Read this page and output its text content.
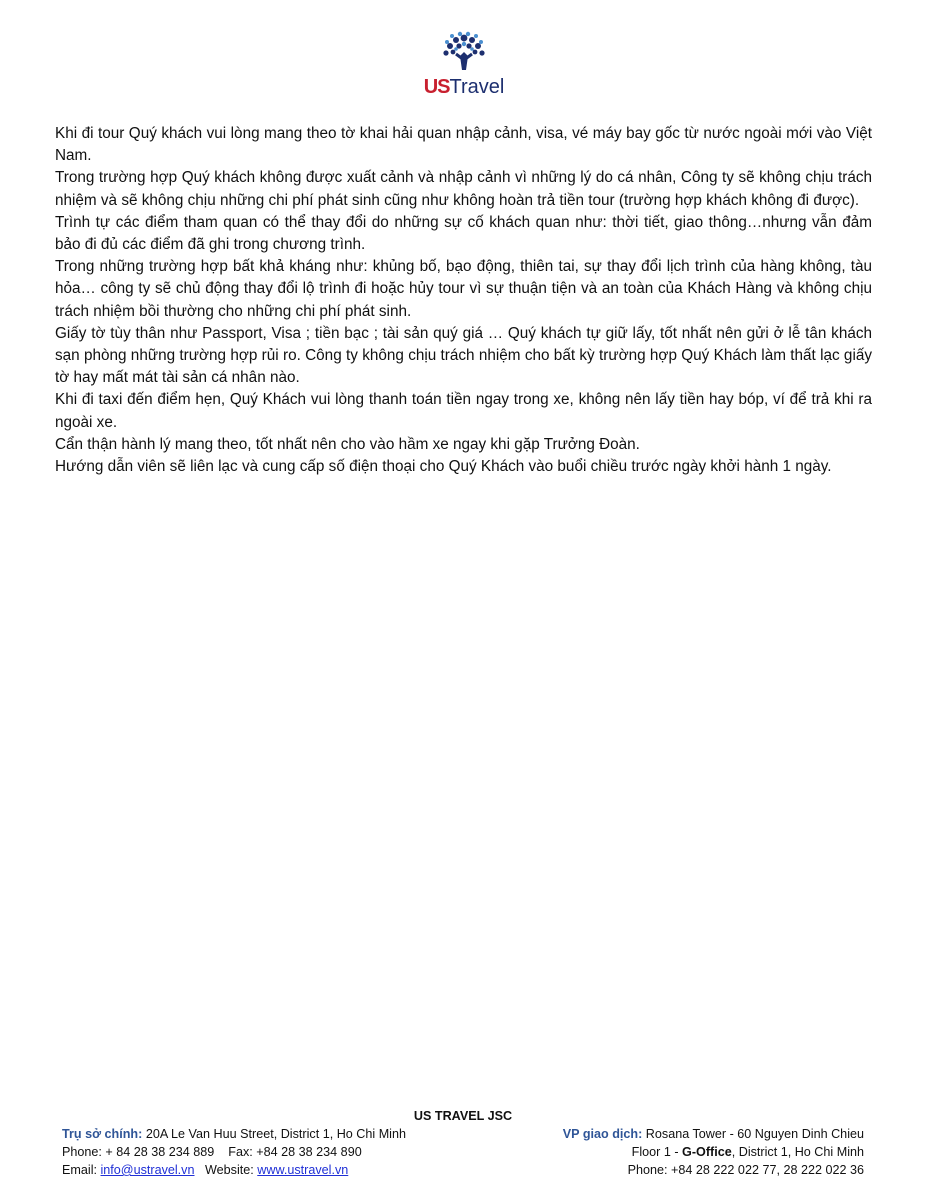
USTravel

Khi đi tour Quý khách vui lòng mang theo tờ khai hải quan nhập cảnh, visa, vé máy bay gốc từ nước ngoài mới vào Việt Nam.

Trong trường hợp Quý khách không được xuất cảnh và nhập cảnh vì những lý do cá nhân, Công ty sẽ không chịu trách nhiệm và sẽ không chịu những chi phí phát sinh cũng như không hoàn trả tiền tour (trường hợp khách không đi được).

Trình tự các điểm tham quan có thể thay đổi do những sự cố khách quan như: thời tiết, giao thông…nhưng vẫn đảm bảo đi đủ các điểm đã ghi trong chương trình.

Trong những trường hợp bất khả kháng như: khủng bố, bạo động, thiên tai, sự thay đổi lịch trình của hàng không, tàu hỏa… công ty sẽ chủ động thay đổi lộ trình đi hoặc hủy tour vì sự thuận tiện và an toàn của Khách Hàng và không chịu trách nhiệm bồi thường cho những chi phí phát sinh.

Giấy tờ tùy thân như Passport, Visa ; tiền bạc ; tài sản quý giá … Quý khách tự giữ lấy, tốt nhất nên gửi ở lễ tân khách sạn phòng những trường hợp rủi ro. Công ty không chịu trách nhiệm cho bất kỳ trường hợp Quý Khách làm thất lạc giấy tờ hay mất mát tài sản cá nhân nào.

Khi đi taxi đến điểm hẹn, Quý Khách vui lòng thanh toán tiền ngay trong xe, không nên lấy tiền hay bóp, ví để trả khi ra ngoài xe.

Cẩn thận hành lý mang theo, tốt nhất nên cho vào hầm xe ngay khi gặp Trưởng Đoàn.

Hướng dẫn viên sẽ liên lạc và cung cấp số điện thoại cho Quý Khách vào buổi chiều trước ngày khởi hành 1 ngày.

US TRAVEL JSC
Trụ sở chính: 20A Le Van Huu Street, District 1, Ho Chi Minh
Phone: + 84 28 38 234 889    Fax: +84 28 38 234 890
Email: info@ustravel.vn   Website: www.ustravel.vn
VP giao dịch: Rosana Tower - 60 Nguyen Dinh Chieu
Floor 1 - G-Office, District 1, Ho Chi Minh
Phone: +84 28 222 022 77, 28 222 022 36
